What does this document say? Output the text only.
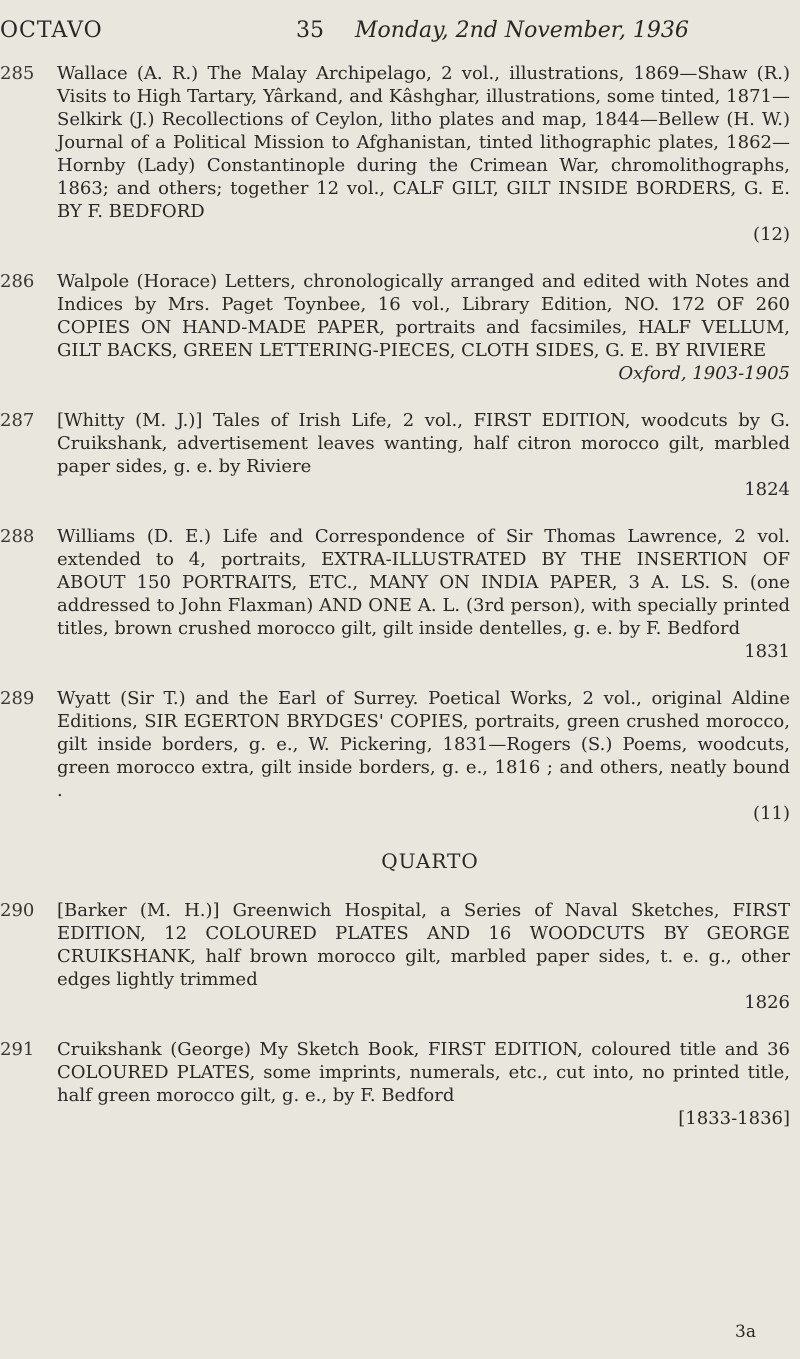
OCTAVO	35 Monday, 2nd November, 1936
285 Wallace (A. R.) The Malay Archipelago, 2 vol., illustrations, 1869—Shaw (R.) Visits to High Tartary, Yârkand, and Kâshghar, illustrations, some tinted, 1871—Selkirk (J.) Recollections of Ceylon, litho plates and map, 1844—Bellew (H. W.) Journal of a Political Mission to Afghanistan, tinted lithographic plates, 1862—Hornby (Lady) Constantinople during the Crimean War, chromolithographs, 1863; and others; together 12 vol., CALF GILT, GILT INSIDE BORDERS, G. E. BY F. BEDFORD
(12)
286 Walpole (Horace) Letters, chronologically arranged and edited with Notes and Indices by Mrs. Paget Toynbee, 16 vol., Library Edition, NO. 172 OF 260 COPIES ON HAND-MADE PAPER, portraits and facsimiles, HALF VELLUM, GILT BACKS, GREEN LETTERING-PIECES, CLOTH SIDES, G. E. BY RIVIERE
Oxford, 1903-1905
287 [Whitty (M. J.)] Tales of Irish Life, 2 vol., FIRST EDITION, woodcuts by G. Cruikshank, advertisement leaves wanting, half citron morocco gilt, marbled paper sides, g. e. by Riviere
1824
288 Williams (D. E.) Life and Correspondence of Sir Thomas Lawrence, 2 vol. extended to 4, portraits, EXTRA-ILLUSTRATED BY THE INSERTION OF ABOUT 150 PORTRAITS, ETC., MANY ON INDIA PAPER, 3 A. LS. S. (one addressed to John Flaxman) AND ONE A. L. (3rd person), with specially printed titles, brown crushed morocco gilt, gilt inside dentelles, g. e. by F. Bedford
1831
289 Wyatt (Sir T.) and the Earl of Surrey. Poetical Works, 2 vol., original Aldine Editions, SIR EGERTON BRYDGES' COPIES, portraits, green crushed morocco, gilt inside borders, g. e., W. Pickering, 1831—Rogers (S.) Poems, woodcuts, green morocco extra, gilt inside borders, g. e., 1816 ; and others, neatly bound .
(11)
QUARTO
290 [Barker (M. H.)] Greenwich Hospital, a Series of Naval Sketches, FIRST EDITION, 12 COLOURED PLATES AND 16 WOODCUTS BY GEORGE CRUIKSHANK, half brown morocco gilt, marbled paper sides, t. e. g., other edges lightly trimmed
1826
291 Cruikshank (George) My Sketch Book, FIRST EDITION, coloured title and 36 COLOURED PLATES, some imprints, numerals, etc., cut into, no printed title, half green morocco gilt, g. e., by F. Bedford
[1833-1836]
3a
